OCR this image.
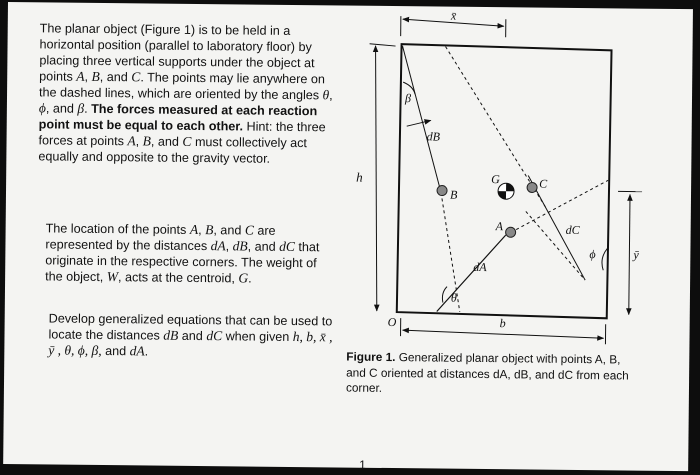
The planar object (Figure 1) is to be held in a horizontal position (parallel to laboratory floor) by placing three vertical supports under the object at points A, B, and C. The points may lie anywhere on the dashed lines, which are oriented by the angles θ, ϕ, and β. The forces measured at each reaction point must be equal to each other. Hint: the three forces at points A, B, and C must collectively act equally and opposite to the gravity vector.

The location of the points A, B, and C are represented by the distances dA, dB, and dC that originate in the respective corners. The weight of the object, W, acts at the centroid, G.

Develop generalized equations that can be used to locate the distances dB and dC when given h, b, x̄ , ȳ , θ, ϕ, β, and dA.

x̄
h
O	b
ȳ
β
θ
ϕ
dB
dA
dC
B
A
C
G

Figure 1. Generalized planar object with points A, B, and C oriented at distances dA, dB, and dC from each corner.

1
